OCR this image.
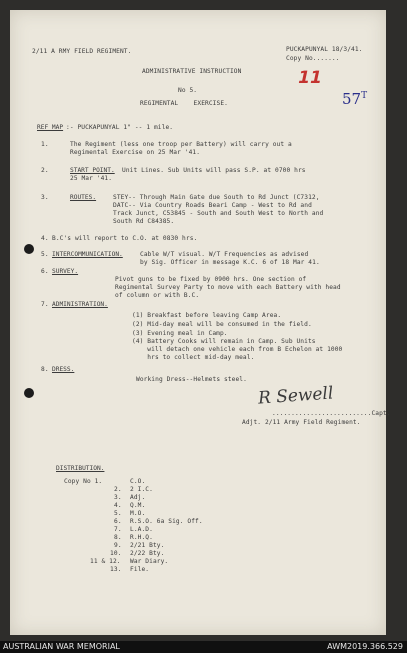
2/11 A RMY FIELD REGIMENT.	PUCKAPUNYAL 18/3/41.
Copy No.......
11
$57^T$
ADMINISTRATIVE INSTRUCTION
No 5.
REGIMENTAL    EXERCISE.
REF MAP :- PUCKAPUNYAL 1" -- 1 mile.
1.	The Regiment (less one troop per Battery) will carry out a
Regimental Exercise on 25 Mar '41.
2.	START POINT. Unit Lines. Sub Units will pass S.P. at 0700 hrs
25 Mar '41.
3.	ROUTES.	STEY-- Through Main Gate due South to Rd Junct (C7312,
DATC-- Via Country Roads Beari Camp - West to Rd and
Track Junct, C53845 - South and South West to North and
South Rd C84385.
4. B.C's will report to C.O. at 0830 hrs.
5. INTERCOMMUNICATION.	Cable W/T visual. W/T Frequencies as advised
by Sig. Officer in message K.C. 6 of 18 Mar 41.
6. SURVEY.
Pivot guns to be fixed by 0900 hrs. One section of
Regimental Survey Party to move with each Battery with head
of column or with B.C.
7. ADMINISTRATION.
(1) Breakfast before leaving Camp Area.
(2) Mid-day meal will be consumed in the field.
(3) Evening meal in Camp.
(4) Battery Cooks will remain in Camp. Sub Units
will detach one vehicle each from B Echelon at 1000
hrs to collect mid-day meal.
8. DRESS.
Working Dress--Helmets steel.
R Sewell
..........................Capt.
Adjt. 2/11 Army Field Regiment.
DISTRIBUTION.
Copy No 1.	C.O.
2. 2 I.C.
3. Adj.
4. Q.M.
5. M.O.
6. R.S.O. 6a Sig. Off.
7. L.A.D.
8. R.H.Q.
9. 2/21 Bty.
10. 2/22 Bty.
11 & 12. War Diary.
13. File.
AUSTRALIAN WAR MEMORIAL	AWM2019.366.529
